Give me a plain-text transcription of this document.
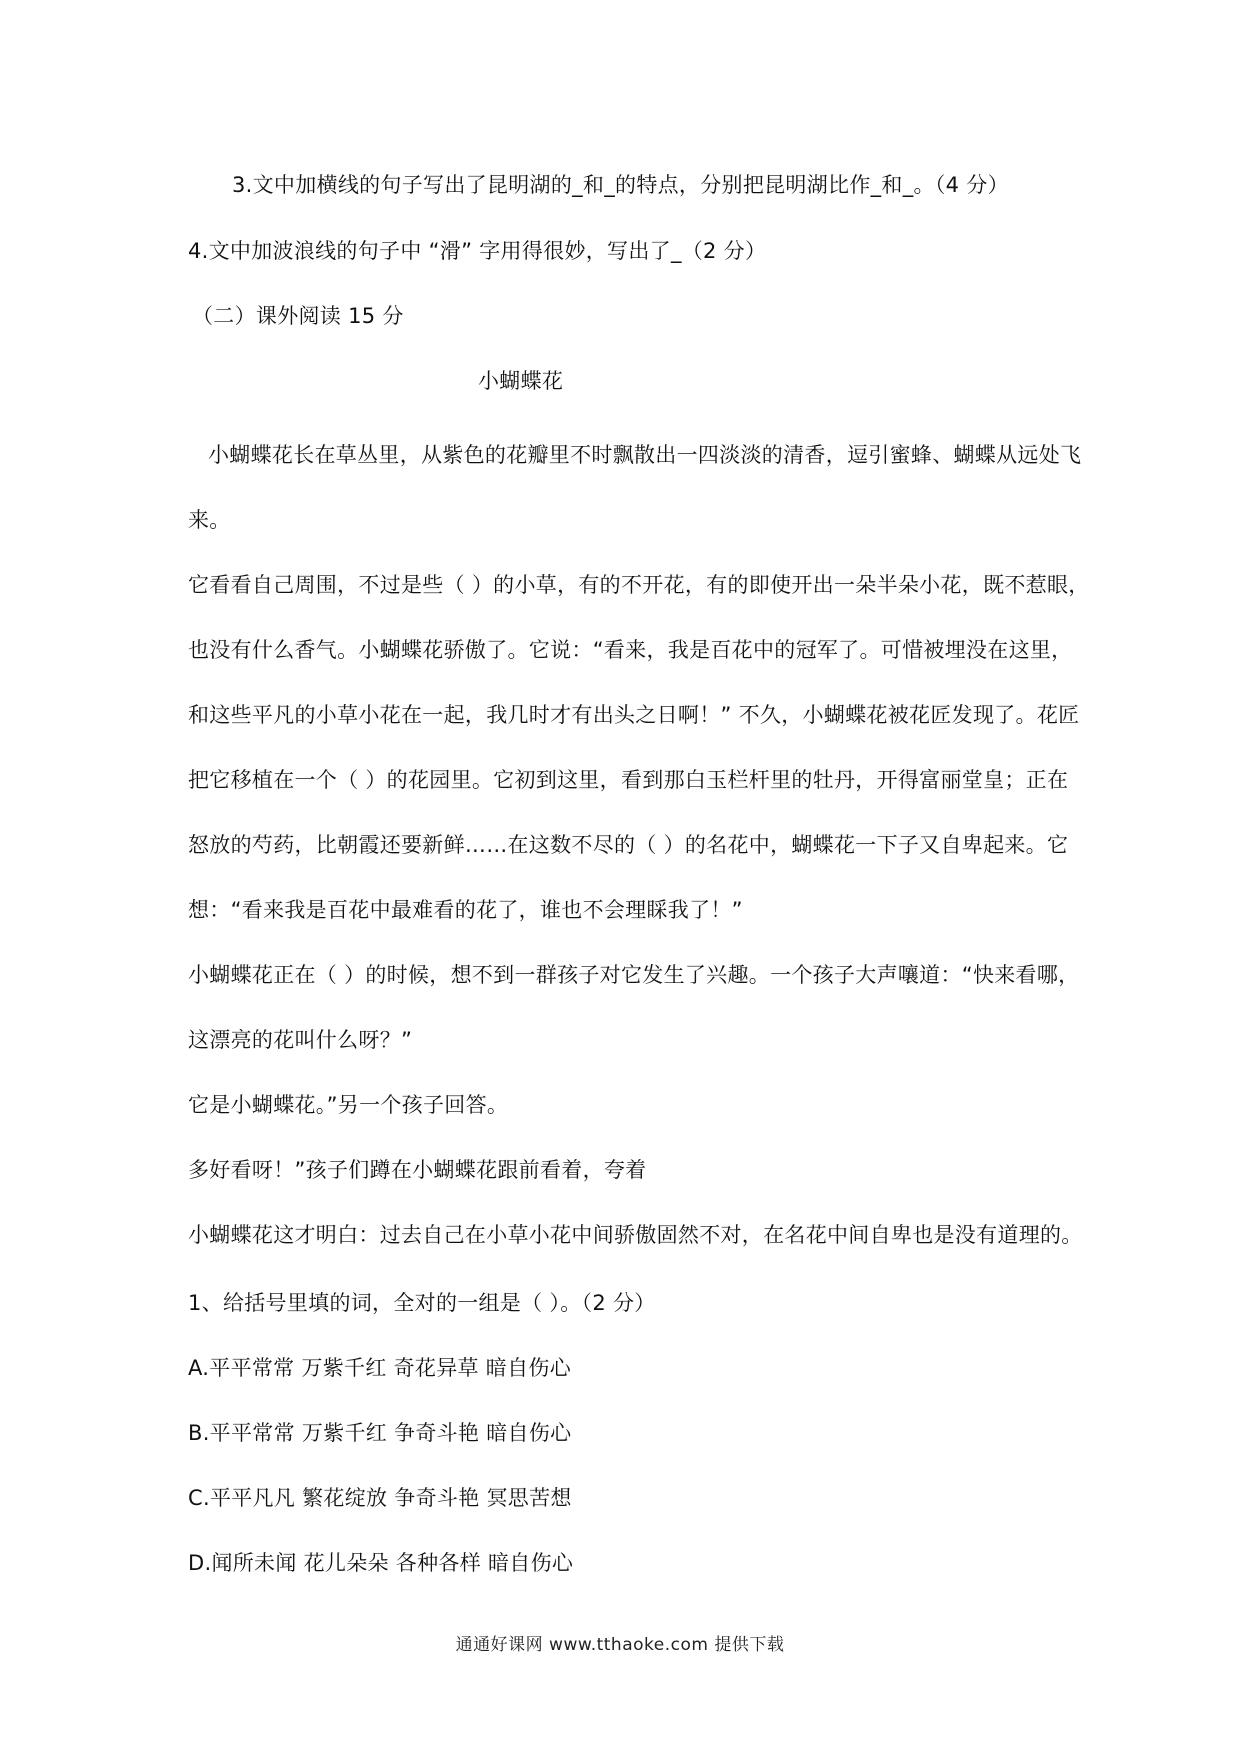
3.文中加横线的句子写出了昆明湖的_和_的特点，分别把昆明湖比作_和_。（4 分）
4.文中加波浪线的句子中 “滑” 字用得很妙，写出了_（2 分）
（二）课外阅读 15 分
小蝴蝶花
小蝴蝶花长在草丛里，从紫色的花瓣里不时飘散出一四淡淡的清香，逗引蜜蜂、蝴蝶从远处飞
来。
它看看自己周围，不过是些（ ）的小草，有的不开花，有的即使开出一朵半朵小花，既不惹眼，
也没有什么香气。小蝴蝶花骄傲了。它说：“看来，我是百花中的冠军了。可惜被埋没在这里，
和这些平凡的小草小花在一起，我几时才有出头之日啊！” 不久，小蝴蝶花被花匠发现了。花匠
把它移植在一个（ ）的花园里。它初到这里，看到那白玉栏杆里的牡丹，开得富丽堂皇；正在
怒放的芍药，比朝霞还要新鲜……在这数不尽的（ ）的名花中，蝴蝶花一下子又自卑起来。它
想：“看来我是百花中最难看的花了，谁也不会理睬我了！”
小蝴蝶花正在（ ）的时候，想不到一群孩子对它发生了兴趣。一个孩子大声嚷道：“快来看哪，
这漂亮的花叫什么呀？”
它是小蝴蝶花。”另一个孩子回答。
多好看呀！”孩子们蹲在小蝴蝶花跟前看着，夸着
小蝴蝶花这才明白：过去自己在小草小花中间骄傲固然不对，在名花中间自卑也是没有道理的。
1、给括号里填的词，全对的一组是（ ）。（2 分）
A.平平常常 万紫千红 奇花异草 暗自伤心
B.平平常常 万紫千红 争奇斗艳 暗自伤心
C.平平凡凡 繁花绽放 争奇斗艳 冥思苦想
D.闻所未闻 花儿朵朵 各种各样 暗自伤心
通通好课网 www.tthaoke.com 提供下载
